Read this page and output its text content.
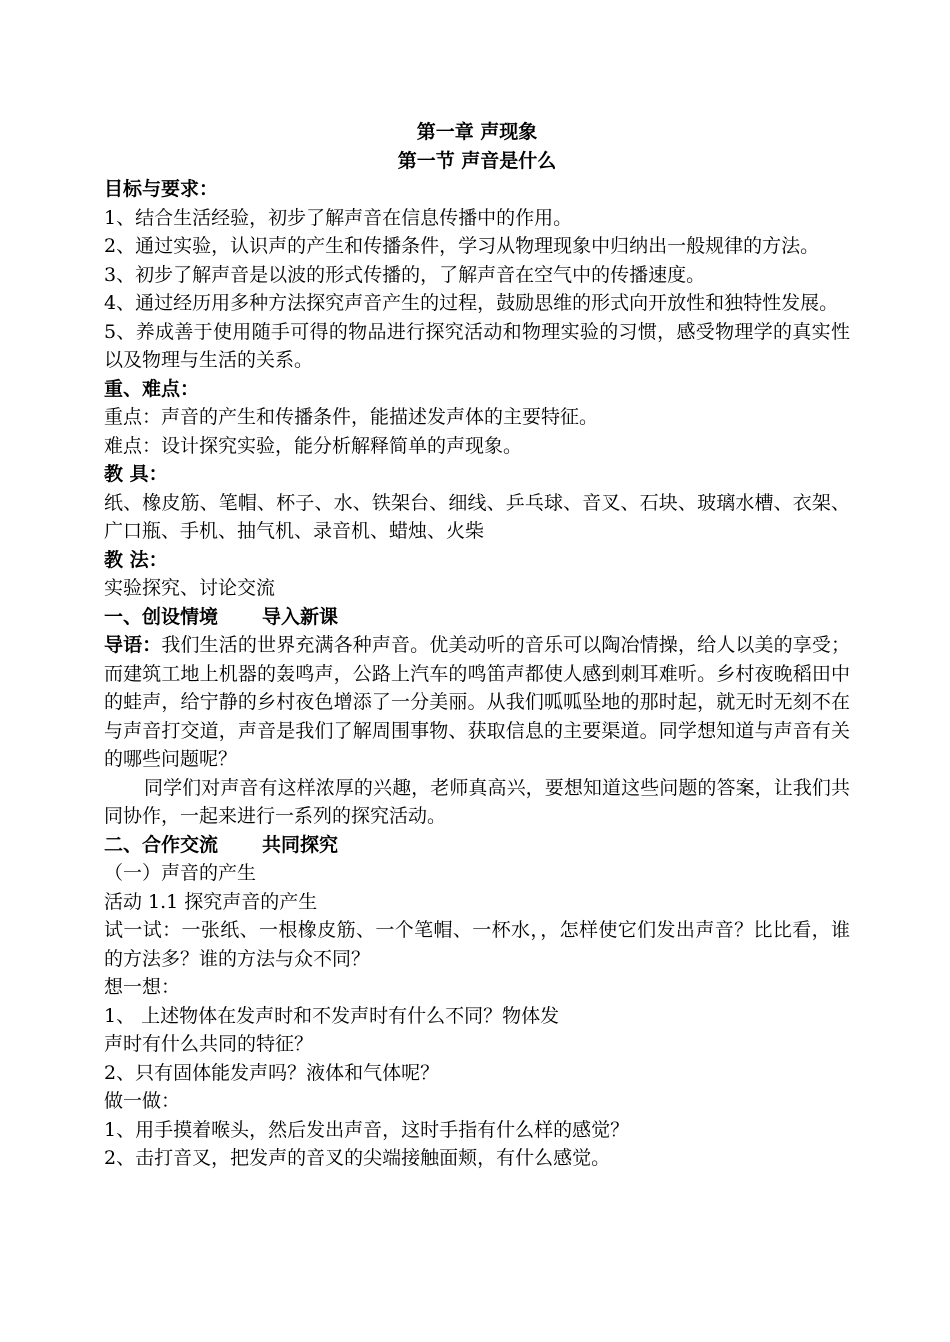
第一章 声现象
第一节 声音是什么
目标与要求：
1、结合生活经验，初步了解声音在信息传播中的作用。
2、通过实验，认识声的产生和传播条件，学习从物理现象中归纳出一般规律的方法。
3、初步了解声音是以波的形式传播的，了解声音在空气中的传播速度。
4、通过经历用多种方法探究声音产生的过程，鼓励思维的形式向开放性和独特性发展。
5、养成善于使用随手可得的物品进行探究活动和物理实验的习惯，感受物理学的真实性以及物理与生活的关系。
重、难点：
重点：声音的产生和传播条件，能描述发声体的主要特征。
难点：设计探究实验，能分析解释简单的声现象。
教 具：
纸、橡皮筋、笔帽、杯子、水、铁架台、细线、乒乓球、音叉、石块、玻璃水槽、衣架、广口瓶、手机、抽气机、录音机、蜡烛、火柴
教 法：
实验探究、讨论交流
一、创设情境 导入新课
导语：我们生活的世界充满各种声音。优美动听的音乐可以陶冶情操，给人以美的享受；而建筑工地上机器的轰鸣声，公路上汽车的鸣笛声都使人感到刺耳难听。乡村夜晚稻田中的蛙声，给宁静的乡村夜色增添了一分美丽。从我们呱呱坠地的那时起，就无时无刻不在与声音打交道，声音是我们了解周围事物、获取信息的主要渠道。同学想知道与声音有关的哪些问题呢？
同学们对声音有这样浓厚的兴趣，老师真高兴，要想知道这些问题的答案，让我们共同协作，一起来进行一系列的探究活动。
二、合作交流 共同探究
（一）声音的产生
活动 1.1 探究声音的产生
试一试：一张纸、一根橡皮筋、一个笔帽、一杯水，，怎样使它们发出声音？比比看，谁的方法多？谁的方法与众不同？
想一想：
1、 上述物体在发声时和不发声时有什么不同？物体发
声时有什么共同的特征？
2、只有固体能发声吗？液体和气体呢？
做一做：
1、用手摸着喉头，然后发出声音，这时手指有什么样的感觉？
2、击打音叉，把发声的音叉的尖端接触面颊，有什么感觉。
